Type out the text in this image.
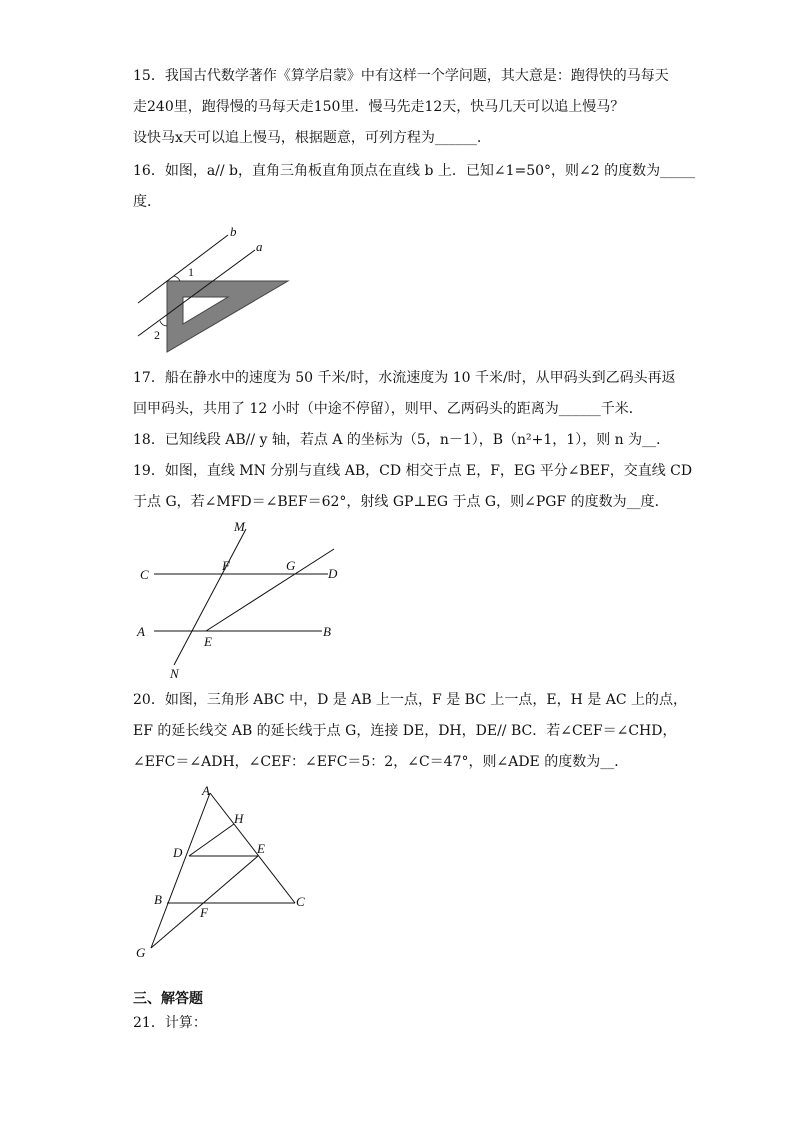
15．我国古代数学著作《算学启蒙》中有这样一个学问题，其大意是：跑得快的马每天
走240里，跑得慢的马每天走150里．慢马先走12天，快马几天可以追上慢马？
设快马x天可以追上慢马，根据题意，可列方程为______.
16．如图，a// b，直角三角板直角顶点在直线 b 上．已知∠1=50°，则∠2 的度数为_____
度．
b
a
1
2
17．船在静水中的速度为 50 千米/时，水流速度为 10 千米/时，从甲码头到乙码头再返
回甲码头，共用了 12 小时（中途不停留），则甲、乙两码头的距离为______千米．
18．已知线段 AB// y 轴，若点 A 的坐标为（5，n－1），B（n²+1，1），则 n 为__．
19．如图，直线 MN 分别与直线 AB，CD 相交于点 E，F，EG 平分∠BEF，交直线 CD
于点 G，若∠MFD＝∠BEF＝62°，射线 GP⊥EG 于点 G，则∠PGF 的度数为__度．
M
F	G
C	D
A
E
B
N
20．如图，三角形 ABC 中，D 是 AB 上一点，F 是 BC 上一点，E，H 是 AC 上的点，
EF 的延长线交 AB 的延长线于点 G，连接 DE，DH，DE// BC．若∠CEF＝∠CHD，
∠EFC＝∠ADH，∠CEF：∠EFC＝5：2，∠C＝47°，则∠ADE 的度数为__．
A
H
D	E
B
F
C
G
三、解答题
21．计算：
